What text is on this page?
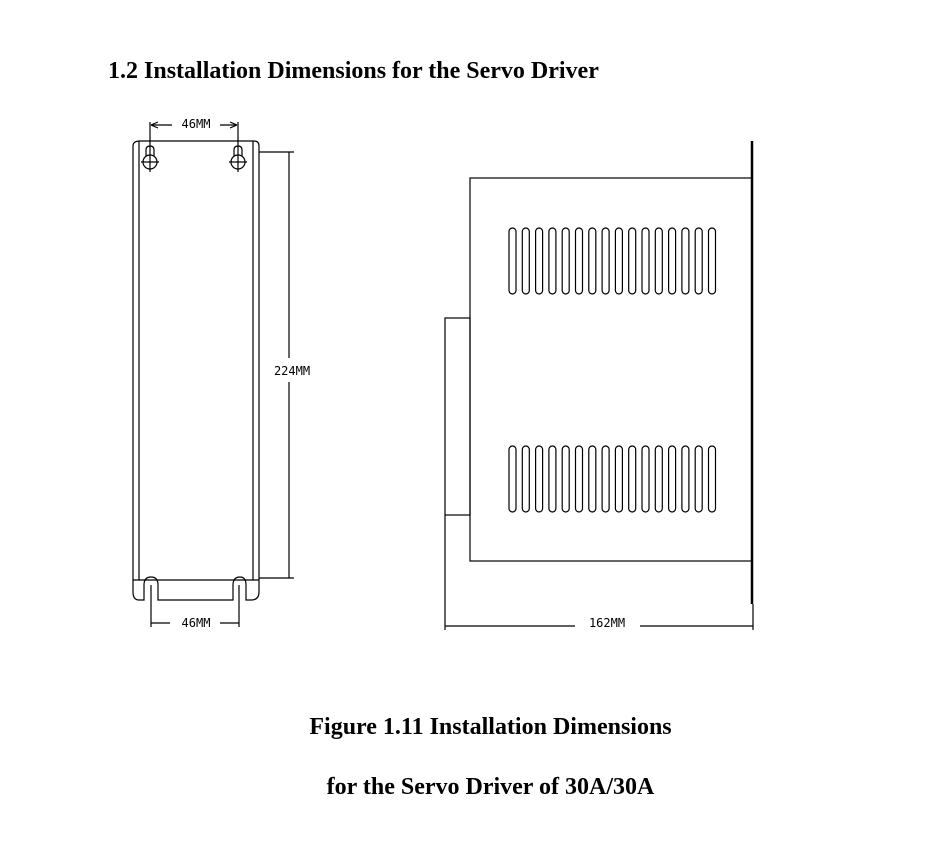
1.2 Installation Dimensions for the Servo Driver
46MM
224MM
46MM	162MM

Figure 1.11 Installation Dimensions

for the Servo Driver of 30A/30A
